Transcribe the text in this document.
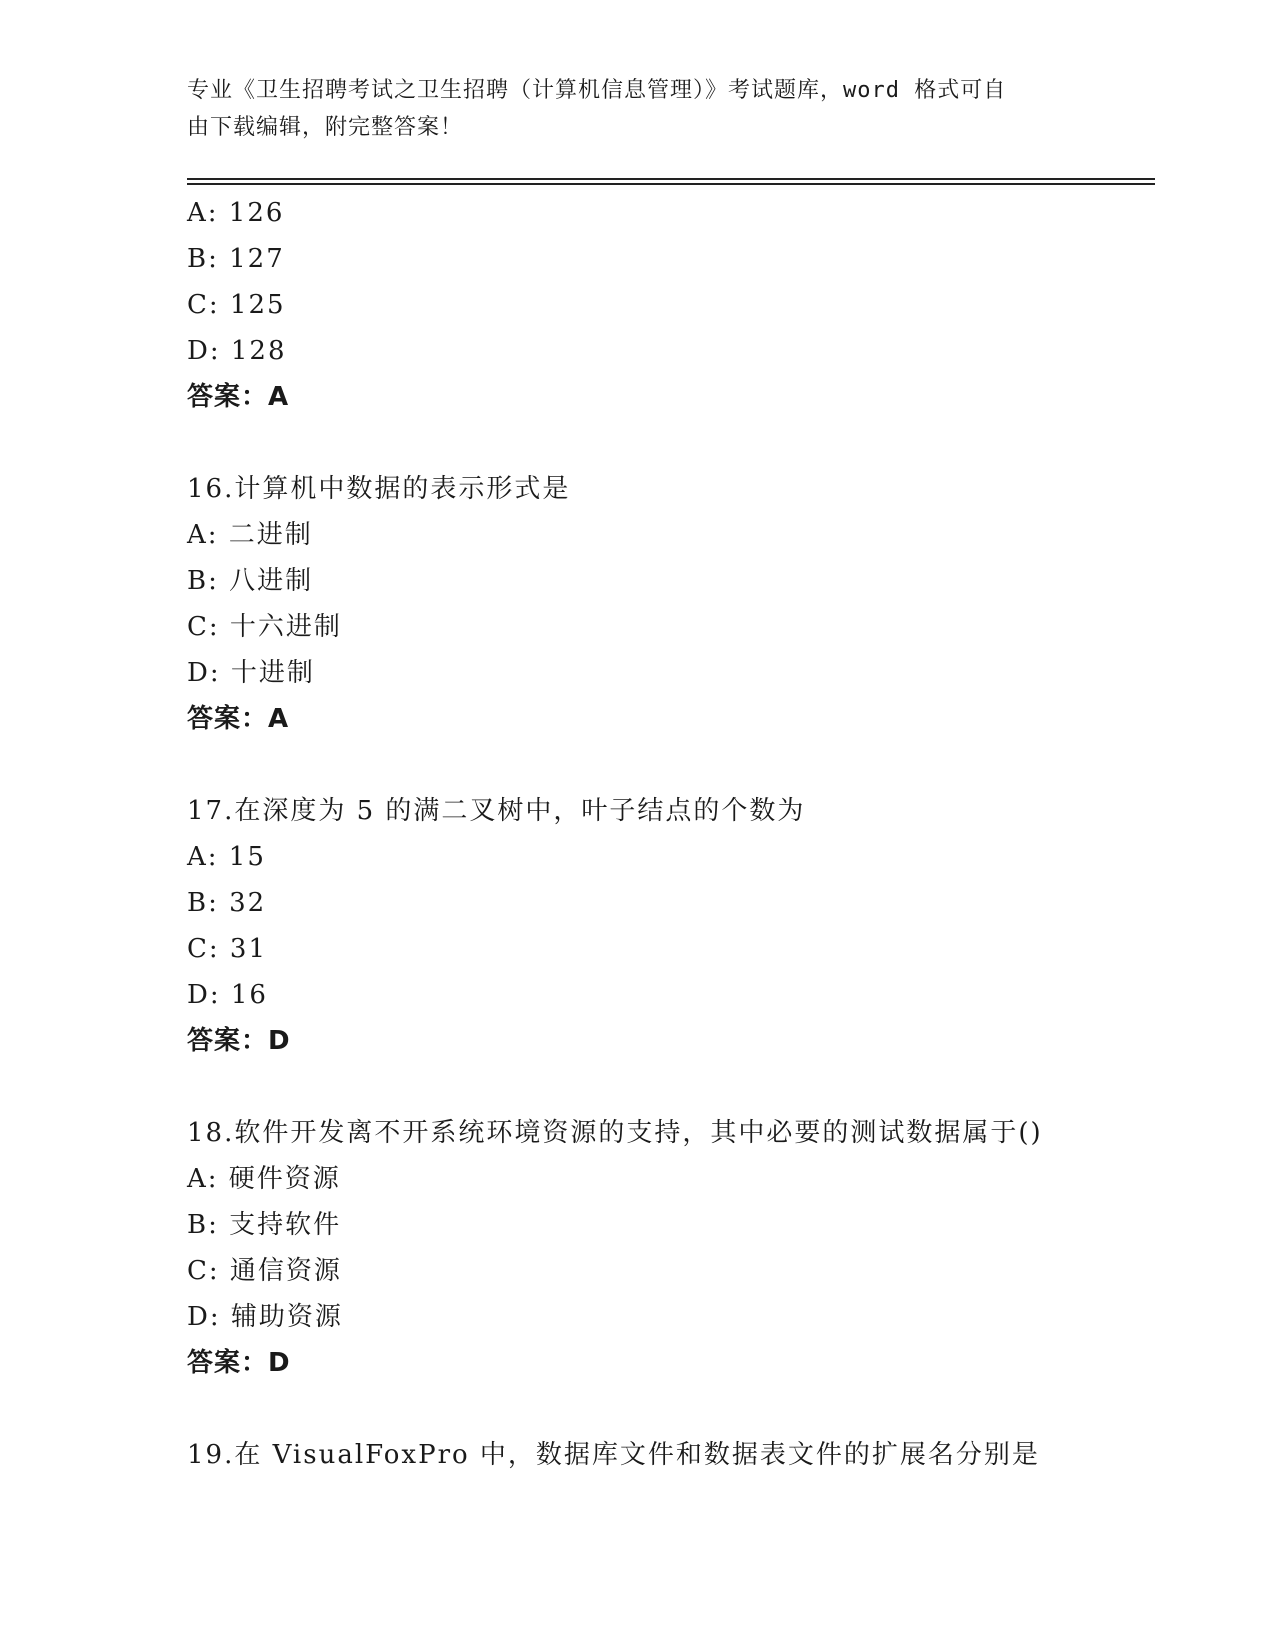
专业《卫生招聘考试之卫生招聘（计算机信息管理）》考试题库，word 格式可自
由下载编辑，附完整答案！
A: 126
B: 127
C: 125
D: 128
答案：A
16.计算机中数据的表示形式是
A: 二进制
B: 八进制
C: 十六进制
D: 十进制
答案：A
17.在深度为 5 的满二叉树中，叶子结点的个数为
A: 15
B: 32
C: 31
D: 16
答案：D
18.软件开发离不开系统环境资源的支持，其中必要的测试数据属于()
A: 硬件资源
B: 支持软件
C: 通信资源
D: 辅助资源
答案：D
19.在 VisualFoxPro 中，数据库文件和数据表文件的扩展名分别是
